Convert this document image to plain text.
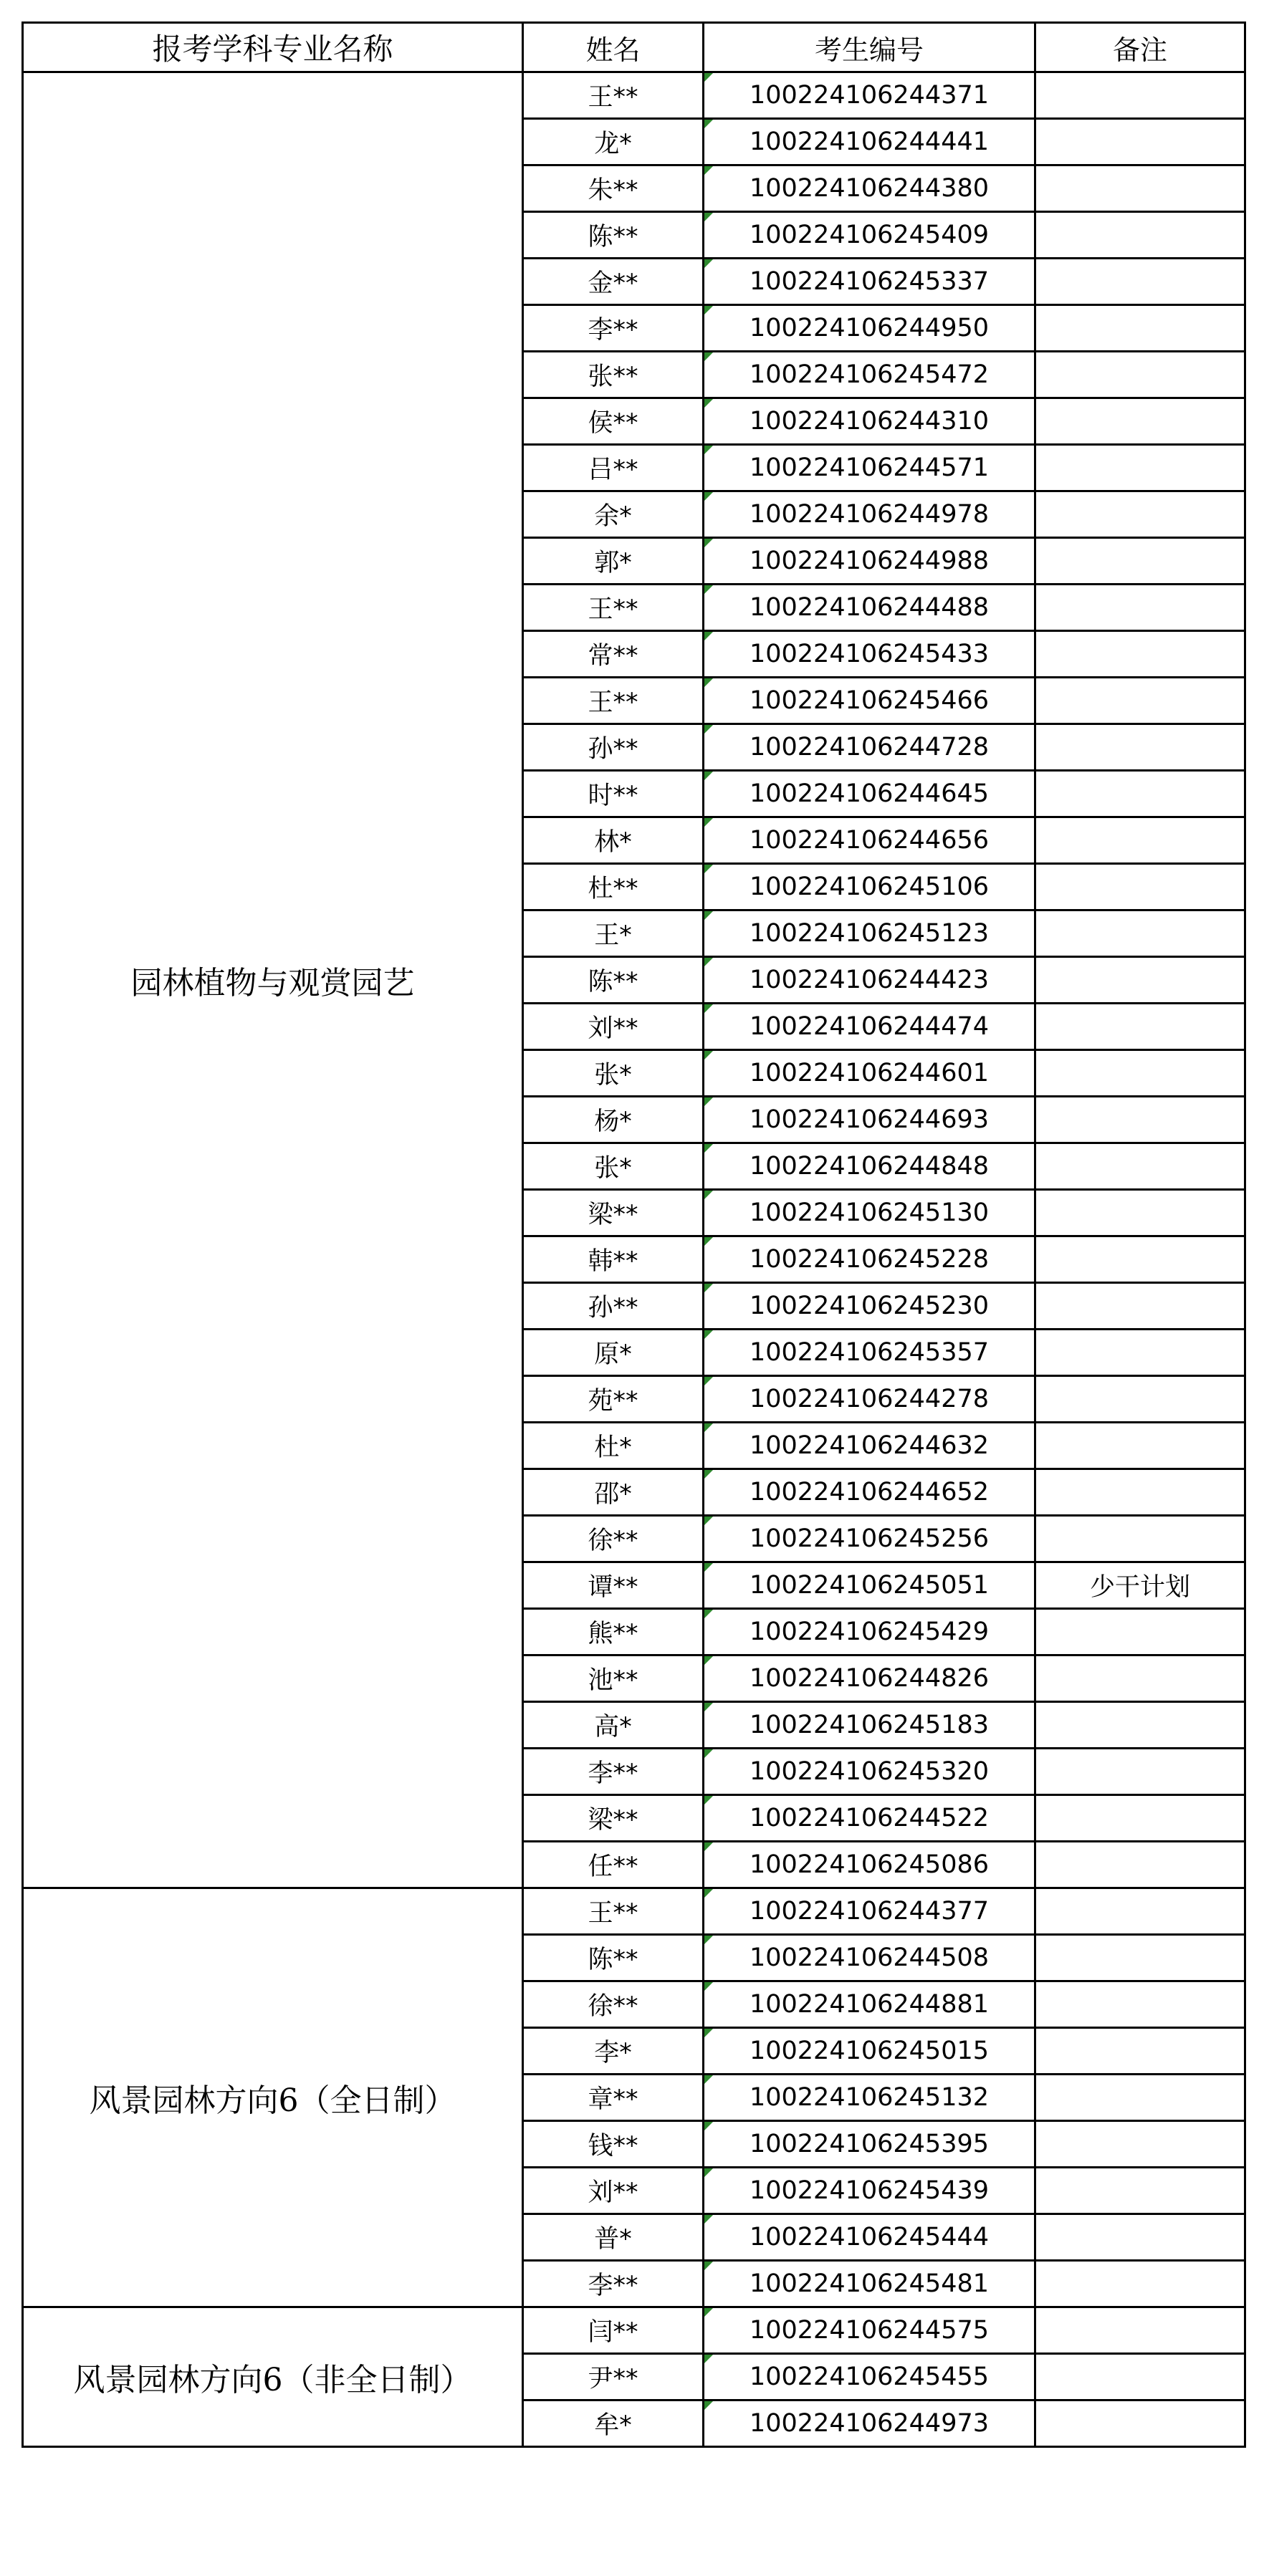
报考学科专业名称	姓名	考生编号	备注
园林植物与观赏园艺	王**	100224106244371	
	龙*	100224106244441	
	朱**	100224106244380	
	陈**	100224106245409	
	金**	100224106245337	
	李**	100224106244950	
	张**	100224106245472	
	侯**	100224106244310	
	吕**	100224106244571	
	余*	100224106244978	
	郭*	100224106244988	
	王**	100224106244488	
	常**	100224106245433	
	王**	100224106245466	
	孙**	100224106244728	
	时**	100224106244645	
	林*	100224106244656	
	杜**	100224106245106	
	王*	100224106245123	
	陈**	100224106244423	
	刘**	100224106244474	
	张*	100224106244601	
	杨*	100224106244693	
	张*	100224106244848	
	梁**	100224106245130	
	韩**	100224106245228	
	孙**	100224106245230	
	原*	100224106245357	
	苑**	100224106244278	
	杜*	100224106244632	
	邵*	100224106244652	
	徐**	100224106245256	
	谭**	100224106245051	少干计划
	熊**	100224106245429	
	池**	100224106244826	
	高*	100224106245183	
	李**	100224106245320	
	梁**	100224106244522	
	任**	100224106245086	
风景园林方向6（全日制）	王**	100224106244377	
	陈**	100224106244508	
	徐**	100224106244881	
	李*	100224106245015	
	章**	100224106245132	
	钱**	100224106245395	
	刘**	100224106245439	
	普*	100224106245444	
	李**	100224106245481	
风景园林方向6（非全日制）	闫**	100224106244575	
	尹**	100224106245455	
	牟*	100224106244973	
